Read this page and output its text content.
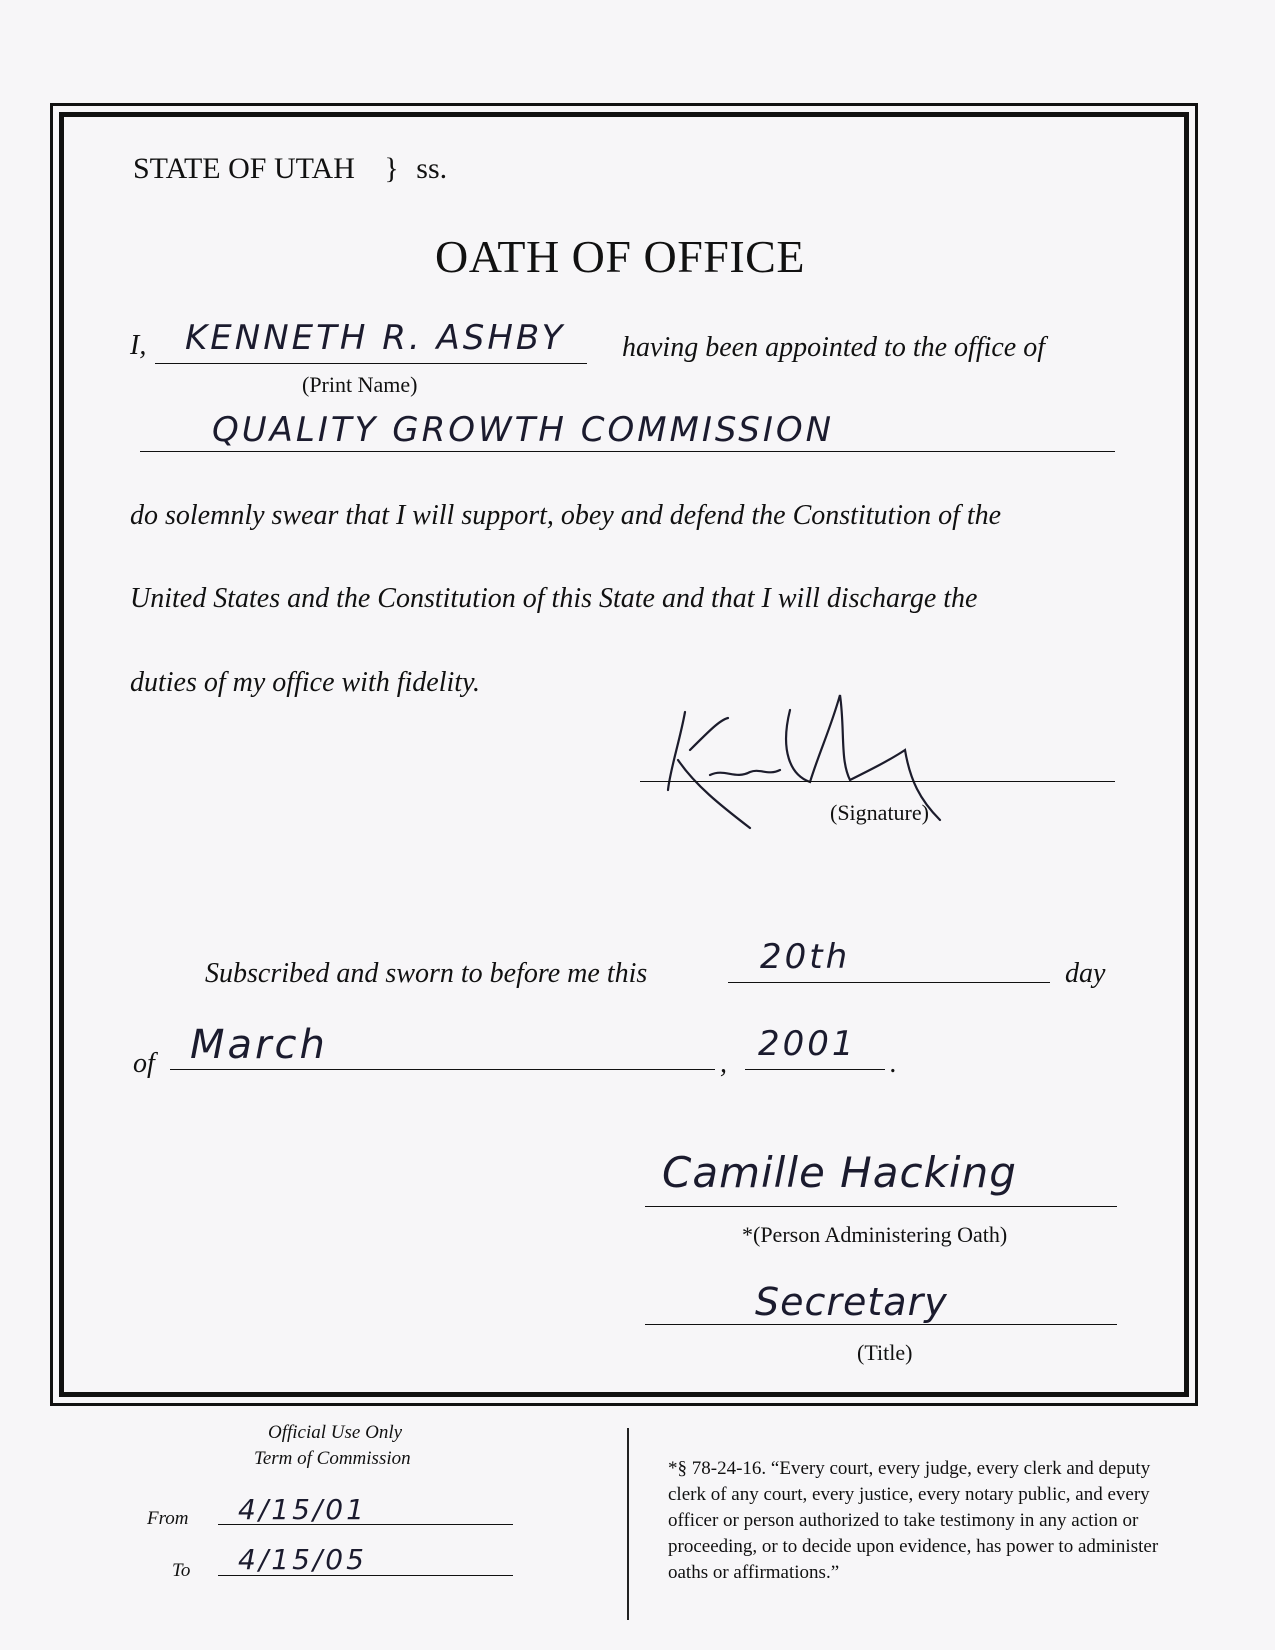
STATE OF UTAH } ss.
OATH OF OFFICE
I, KENNETH R. ASHBY
(Print Name)
having been appointed to the office of
QUALITY GROWTH COMMISSION
do solemnly swear that I will support, obey and defend the Constitution of the
United States and the Constitution of this State and that I will discharge the
duties of my office with fidelity.
(Signature)
Subscribed and sworn to before me this	20th	day
of March	, 2001 .
Camille Hacking
*(Person Administering Oath)
Secretary
(Title)
Official Use Only
Term of Commission
From 4/15/01
To 4/15/05
*§ 78-24-16. “Every court, every judge, every clerk and deputy clerk of any court, every justice, every notary public, and every officer or person authorized to take testimony in any action or proceeding, or to decide upon evidence, has power to administer oaths or affirmations.”
